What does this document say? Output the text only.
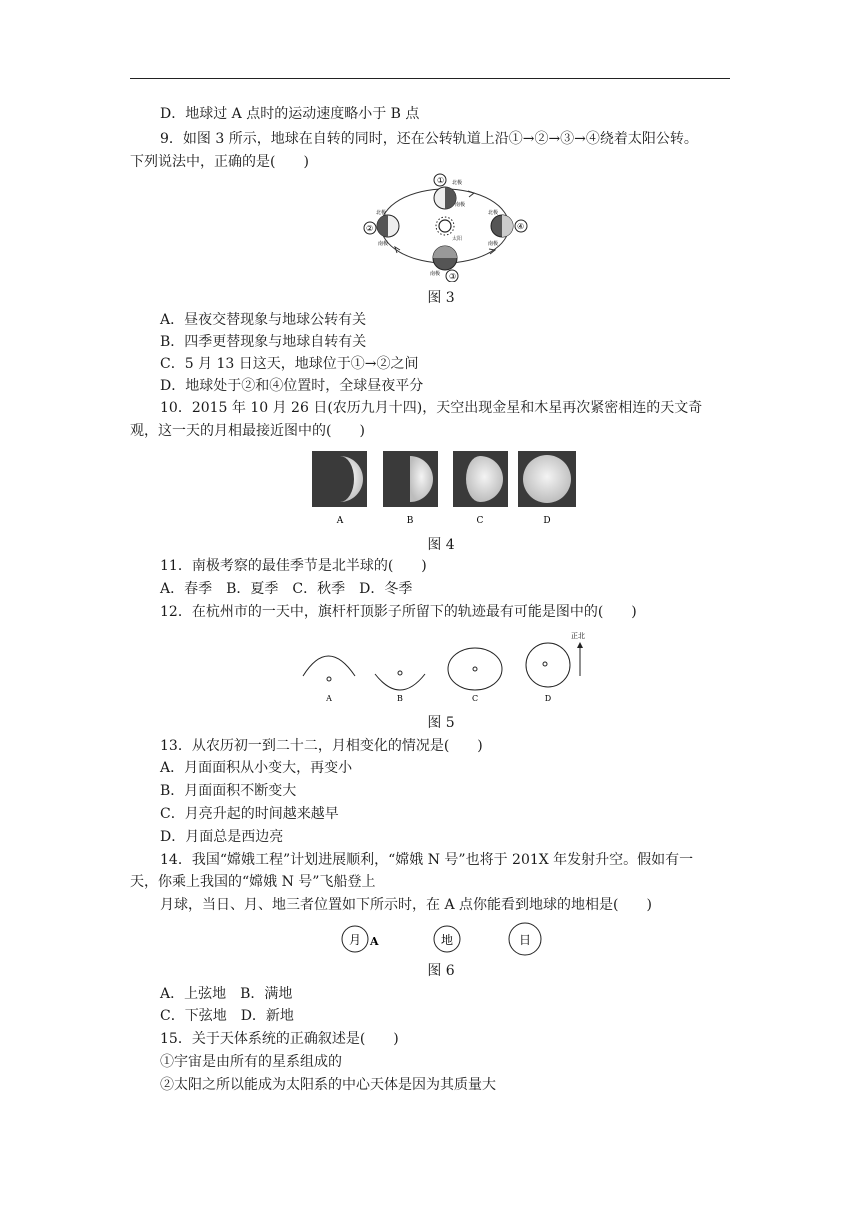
D．地球过 A 点时的运动速度略小于 B 点
9．如图 3 所示，地球在自转的同时，还在公转轨道上沿①→②→③→④绕着太阳公转。
下列说法中，正确的是(　　)
太阳
① 北极
南极
②
北极
南极
③
南极
④
北极
南极
图 3
A．昼夜交替现象与地球公转有关
B．四季更替现象与地球自转有关
C．5 月 13 日这天，地球位于①→②之间
D．地球处于②和④位置时，全球昼夜平分
10．2015 年 10 月 26 日(农历九月十四)，天空出现金星和木星再次紧密相连的天文奇
观，这一天的月相最接近图中的(　　)
A	B	C	D
图 4
11．南极考察的最佳季节是北半球的(　　)
A．春季　B．夏季　C．秋季　D．冬季
12．在杭州市的一天中，旗杆杆顶影子所留下的轨迹最有可能是图中的(　　)
正北
A	B	C	D
图 5
13．从农历初一到二十二，月相变化的情况是(　　)
A．月面面积从小变大，再变小
B．月面面积不断变大
C．月亮升起的时间越来越早
D．月面总是西边亮
14．我国“嫦娥工程”计划进展顺利，“嫦娥 N 号”也将于 201X 年发射升空。假如有一
天，你乘上我国的“嫦娥 N 号”飞船登上
月球，当日、月、地三者位置如下所示时，在 A 点你能看到地球的地相是(　　)
月 A	地	日
图 6
A．上弦地　B．满地
C．下弦地　D．新地
15．关于天体系统的正确叙述是(　　)
①宇宙是由所有的星系组成的
②太阳之所以能成为太阳系的中心天体是因为其质量大
